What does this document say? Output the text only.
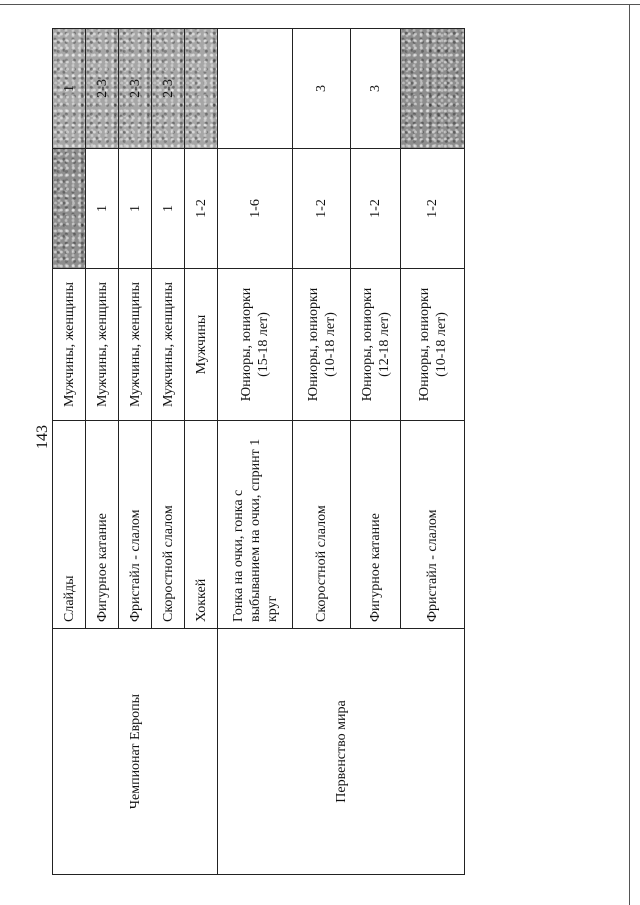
143
Чемпионат Европы	Слайды	Мужчины, женщины		1
	Фигурное катание	Мужчины, женщины	1	2-3
	Фристайл - слалом	Мужчины, женщины	1	2-3
	Скоростной слалом	Мужчины, женщины	1	2-3
	Хоккей	Мужчины	1-2	
Первенство мира	Гонка на очки, гонка с выбыванием на очки, спринт 1 круг	Юниоры, юниорки (15-18 лет)	1-6	
	Скоростной слалом	Юниоры, юниорки (10-18 лет)	1-2	3
	Фигурное катание	Юниоры, юниорки (12-18 лет)	1-2	3
	Фристайл - слалом	Юниоры, юниорки (10-18 лет)	1-2	
